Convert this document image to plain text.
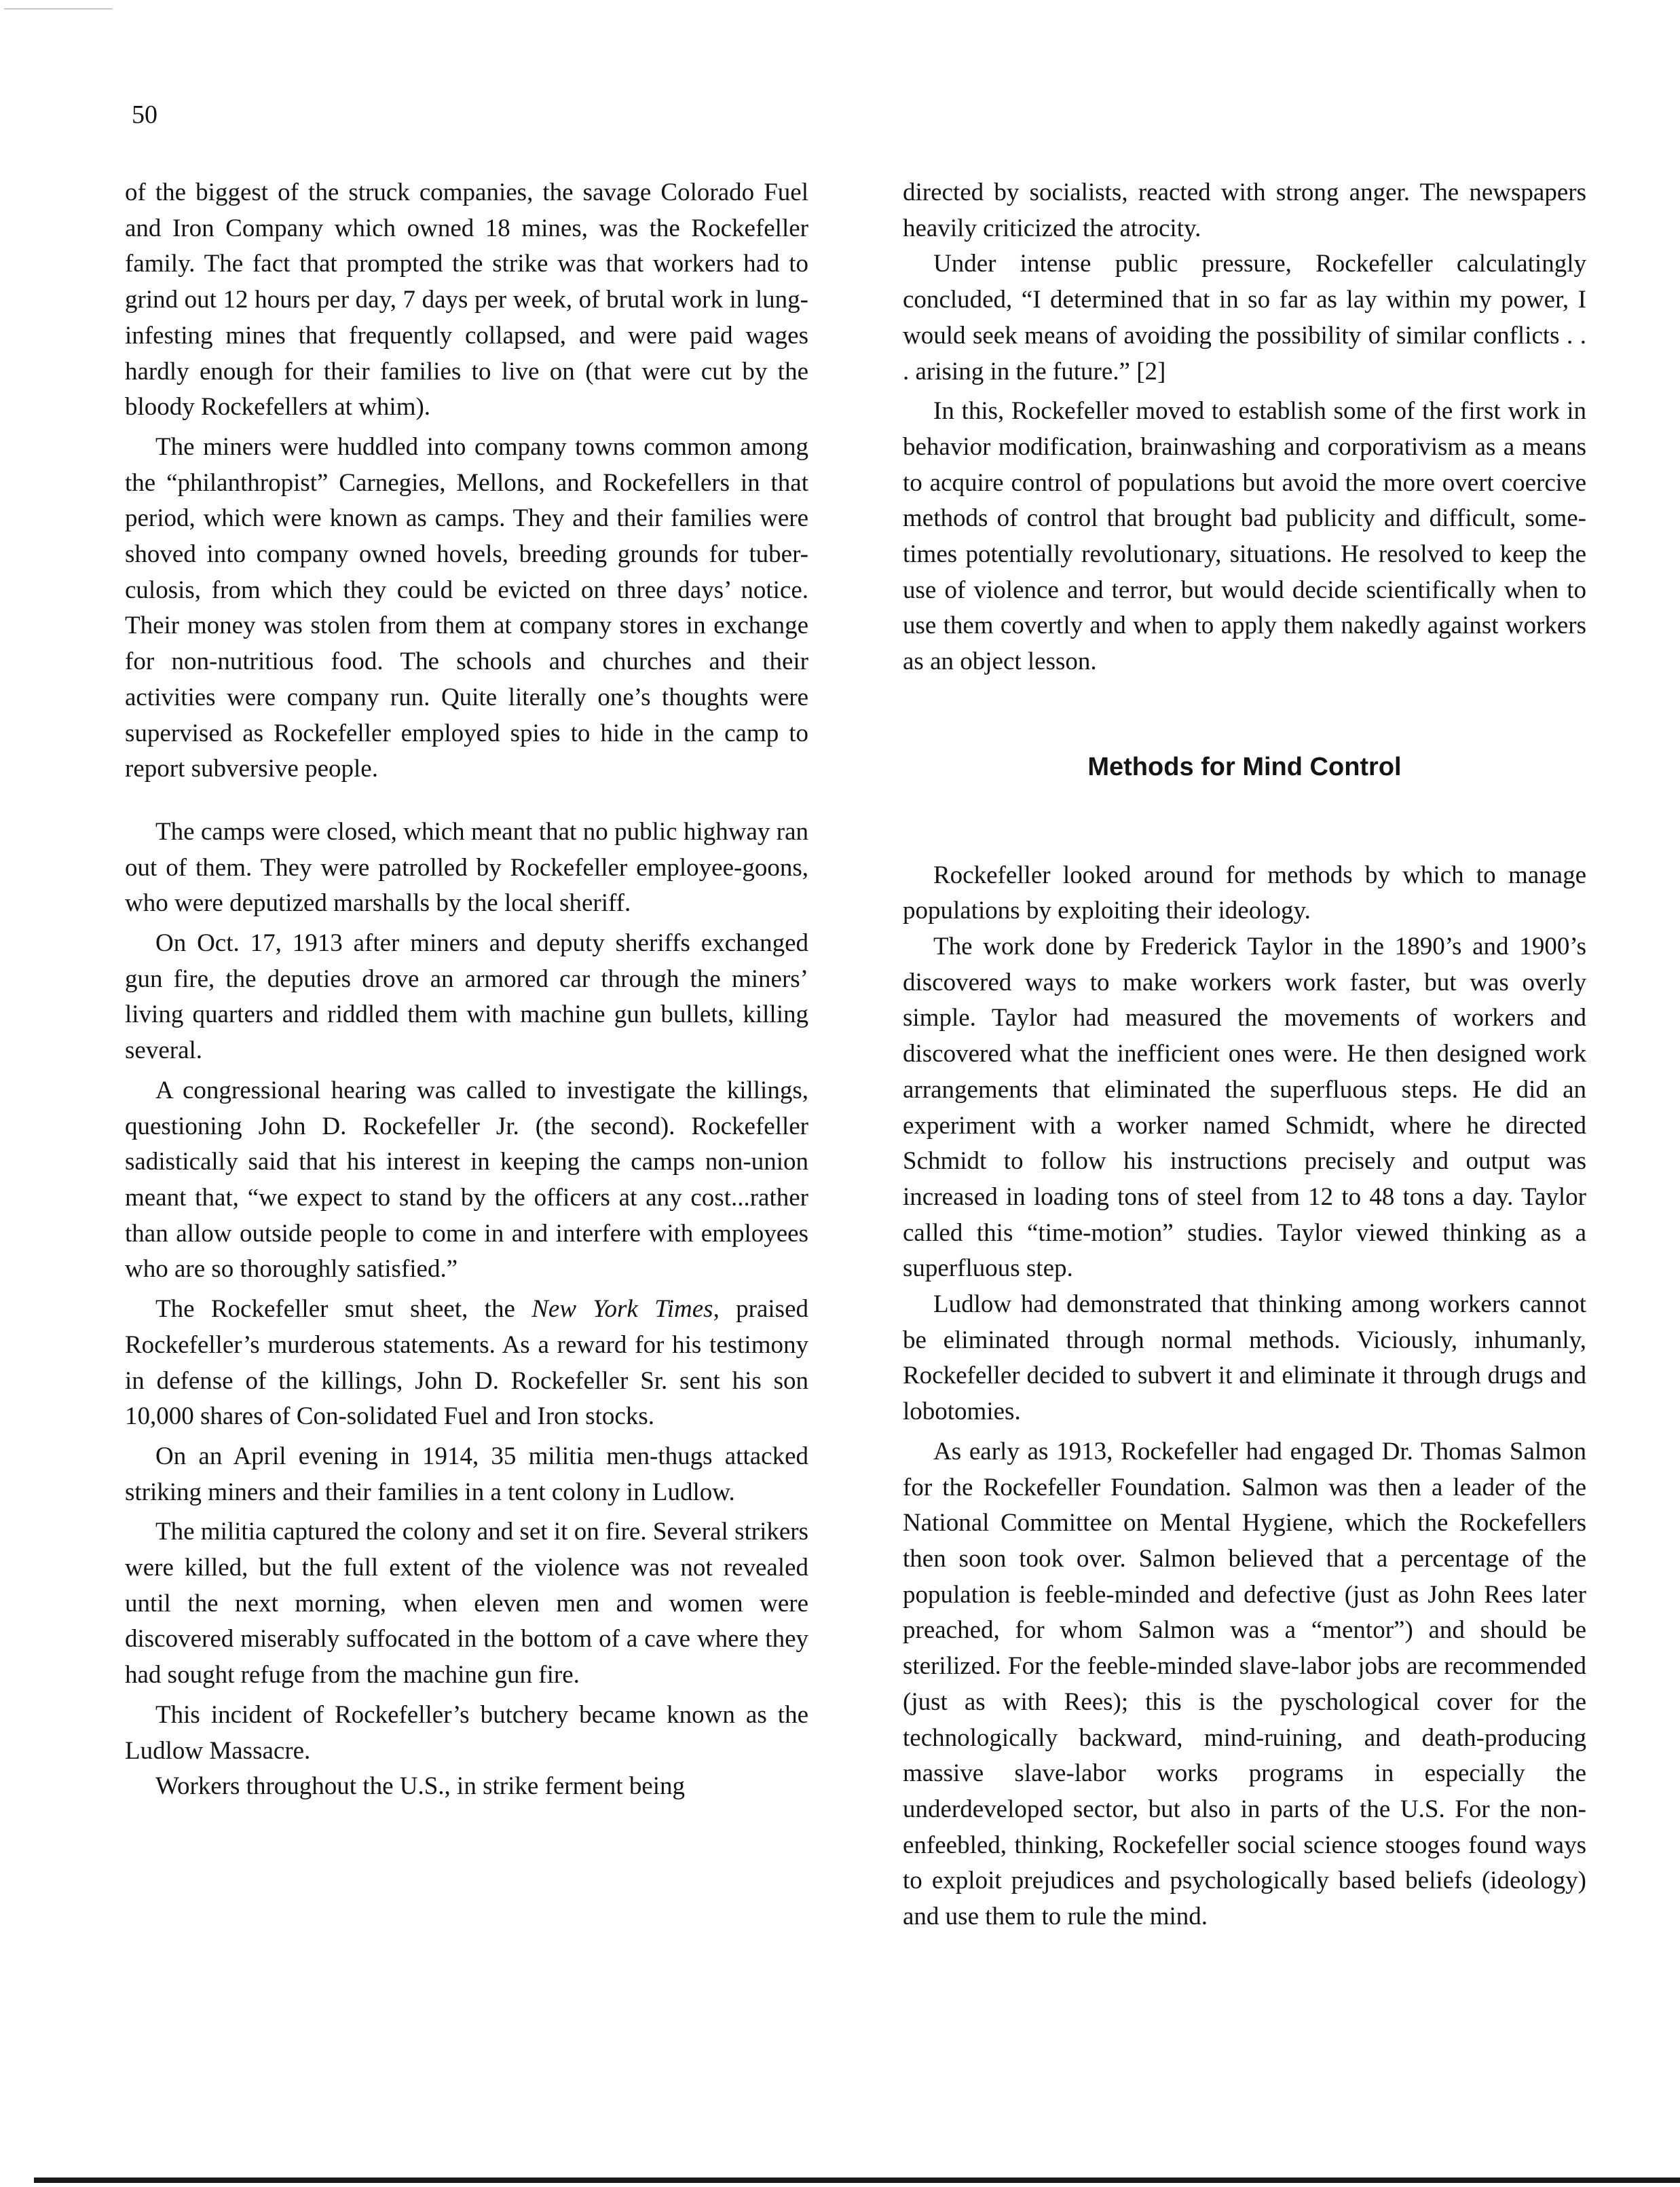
50

of the biggest of the struck companies, the savage Colorado Fuel and Iron Company which owned 18 mines, was the Rockefeller family. The fact that prompted the strike was that workers had to grind out 12 hours per day, 7 days per week, of brutal work in lung-infesting mines that frequently collapsed, and were paid wages hardly enough for their families to live on (that were cut by the bloody Rockefellers at whim).

The miners were huddled into company towns common among the “philanthropist” Carnegies, Mellons, and Rockefellers in that period, which were known as camps. They and their families were shoved into company owned hovels, breeding grounds for tuber-culosis, from which they could be evicted on three days’ notice. Their money was stolen from them at company stores in exchange for non-nutritious food. The schools and churches and their activities were company run. Quite literally one’s thoughts were supervised as Rockefeller employed spies to hide in the camp to report subversive people.

The camps were closed, which meant that no public highway ran out of them. They were patrolled by Rockefeller employee-goons, who were deputized marshalls by the local sheriff.

On Oct. 17, 1913 after miners and deputy sheriffs exchanged gun fire, the deputies drove an armored car through the miners’ living quarters and riddled them with machine gun bullets, killing several.

A congressional hearing was called to investigate the killings, questioning John D. Rockefeller Jr. (the second). Rockefeller sadistically said that his interest in keeping the camps non-union meant that, “we expect to stand by the officers at any cost...rather than allow outside people to come in and interfere with employees who are so thoroughly satisfied.”

The Rockefeller smut sheet, the New York Times, praised Rockefeller’s murderous statements. As a reward for his testimony in defense of the killings, John D. Rockefeller Sr. sent his son 10,000 shares of Con-solidated Fuel and Iron stocks.

On an April evening in 1914, 35 militia men-thugs attacked striking miners and their families in a tent colony in Ludlow.

The militia captured the colony and set it on fire. Several strikers were killed, but the full extent of the violence was not revealed until the next morning, when eleven men and women were discovered miserably suffocated in the bottom of a cave where they had sought refuge from the machine gun fire.

This incident of Rockefeller’s butchery became known as the Ludlow Massacre.

Workers throughout the U.S., in strike ferment being

directed by socialists, reacted with strong anger. The newspapers heavily criticized the atrocity.

Under intense public pressure, Rockefeller calculatingly concluded, “I determined that in so far as lay within my power, I would seek means of avoiding the possibility of similar conflicts . . . arising in the future.” [2]

In this, Rockefeller moved to establish some of the first work in behavior modification, brainwashing and corporativism as a means to acquire control of populations but avoid the more overt coercive methods of control that brought bad publicity and difficult, some-times potentially revolutionary, situations. He resolved to keep the use of violence and terror, but would decide scientifically when to use them covertly and when to apply them nakedly against workers as an object lesson.

Methods for Mind Control

Rockefeller looked around for methods by which to manage populations by exploiting their ideology.

The work done by Frederick Taylor in the 1890’s and 1900’s discovered ways to make workers work faster, but was overly simple. Taylor had measured the movements of workers and discovered what the inefficient ones were. He then designed work arrangements that eliminated the superfluous steps. He did an experiment with a worker named Schmidt, where he directed Schmidt to follow his instructions precisely and output was increased in loading tons of steel from 12 to 48 tons a day. Taylor called this “time-motion” studies. Taylor viewed thinking as a superfluous step.

Ludlow had demonstrated that thinking among workers cannot be eliminated through normal methods. Viciously, inhumanly, Rockefeller decided to subvert it and eliminate it through drugs and lobotomies.

As early as 1913, Rockefeller had engaged Dr. Thomas Salmon for the Rockefeller Foundation. Salmon was then a leader of the National Committee on Mental Hygiene, which the Rockefellers then soon took over. Salmon believed that a percentage of the population is feeble-minded and defective (just as John Rees later preached, for whom Salmon was a “mentor”) and should be sterilized. For the feeble-minded slave-labor jobs are recommended (just as with Rees); this is the pyschological cover for the technologically backward, mind-ruining, and death-producing massive slave-labor works programs in especially the underdeveloped sector, but also in parts of the U.S. For the non-enfeebled, thinking, Rockefeller social science stooges found ways to exploit prejudices and psychologically based beliefs (ideology) and use them to rule the mind.
